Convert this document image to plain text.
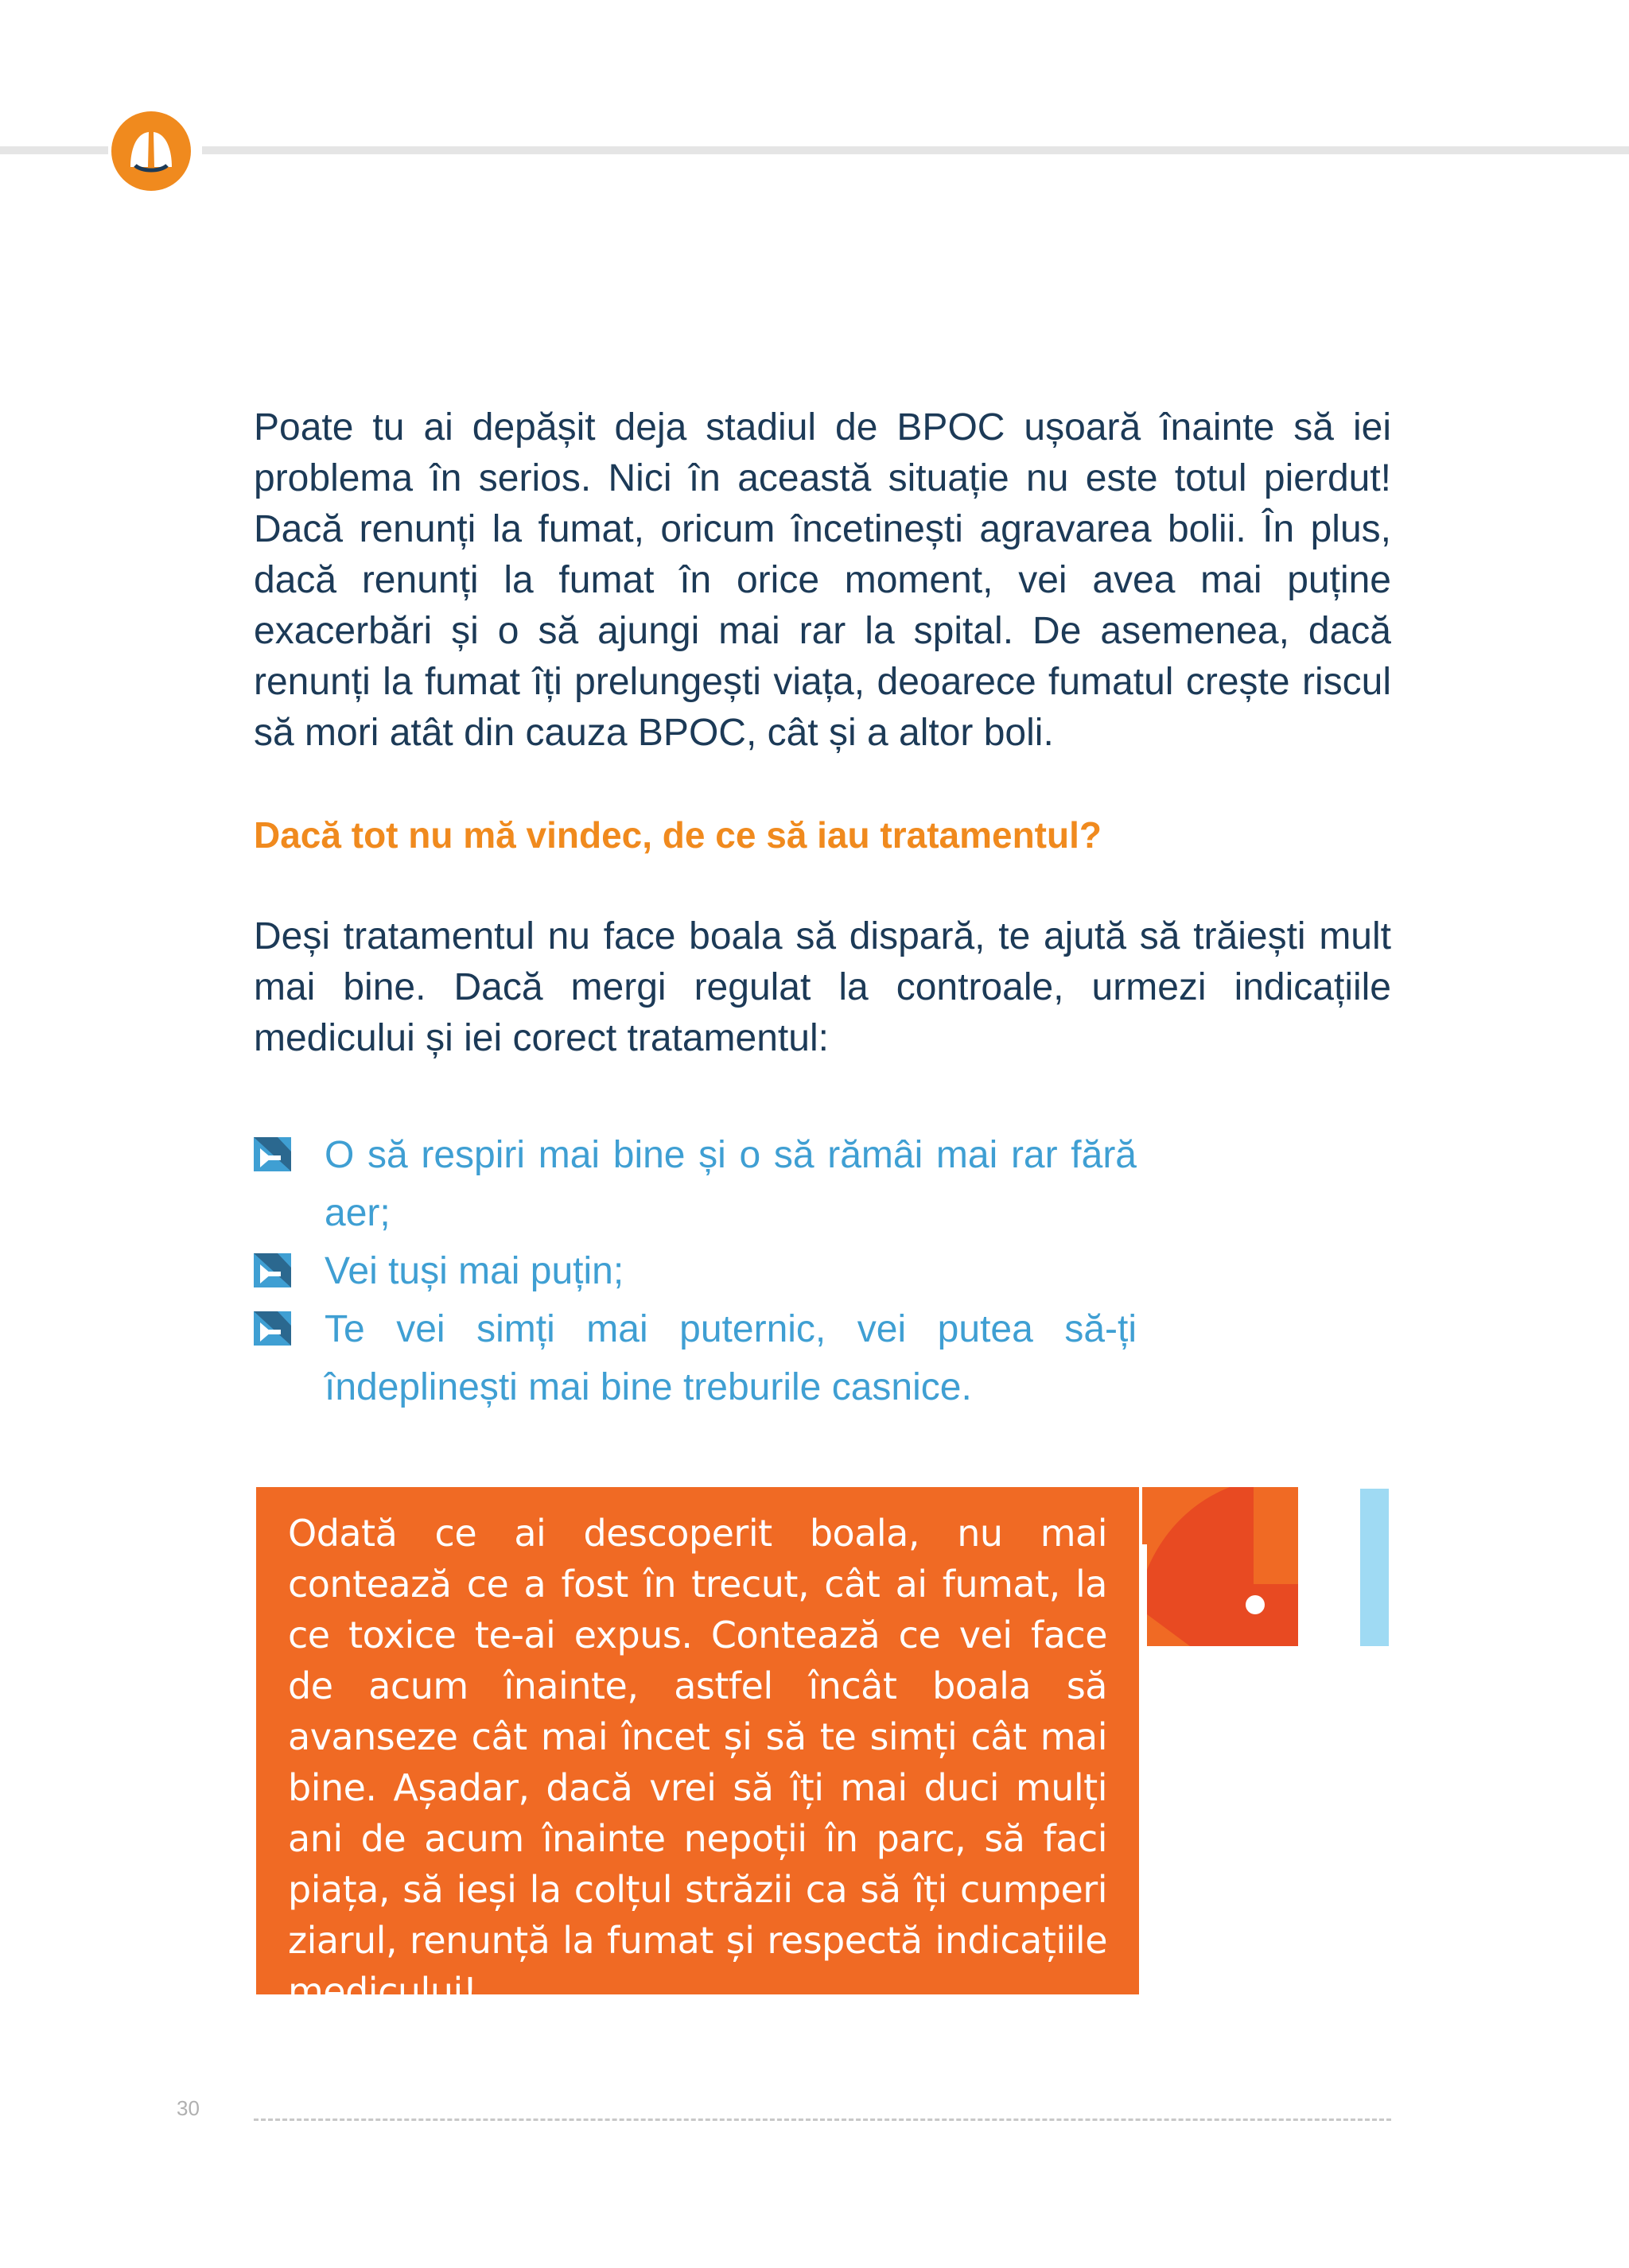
Poate tu ai depășit deja stadiul de BPOC ușoară înainte să iei problema în serios. Nici în această situație nu este totul pierdut! Dacă renunți la fumat, oricum încetinești agravarea bolii. În plus, dacă renunți la fumat în orice moment, vei avea mai puține exacerbări și o să ajungi mai rar la spital. De asemenea, dacă renunți la fumat îți prelungești viața, deoarece fumatul crește riscul să mori atât din cauza BPOC, cât și a altor boli.

Dacă tot nu mă vindec, de ce să iau tratamentul?

Deși tratamentul nu face boala să dispară, te ajută să trăiești mult mai bine. Dacă mergi regulat la controale, urmezi indicațiile medicului și iei corect tratamentul:

O să respiri mai bine și o să rămâi mai rar fără aer;
Vei tuși mai puțin;
Te vei simți mai puternic, vei putea să-ți îndeplinești mai bine treburile casnice.

Odată ce ai descoperit boala, nu mai contează ce a fost în trecut, cât ai fumat, la ce toxice te-ai expus. Contează ce vei face de acum înainte, astfel încât boala să avanseze cât mai încet și să te simți cât mai bine. Așadar, dacă vrei să îți mai duci mulți ani de acum înainte nepoții în parc, să faci piața, să ieși la colțul străzii ca să îți cumperi ziarul, renunță la fumat și respectă indicațiile medicului!

30
